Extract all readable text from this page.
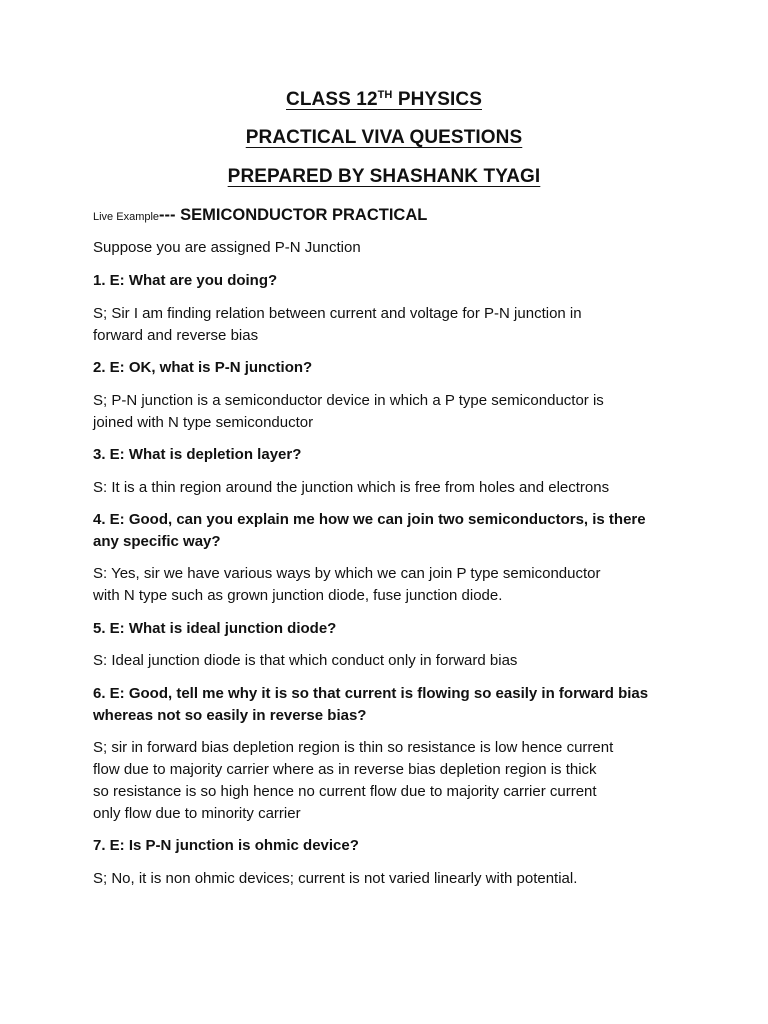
CLASS 12TH PHYSICS
PRACTICAL VIVA QUESTIONS
PREPARED BY SHASHANK TYAGI
Live Example--- SEMICONDUCTOR PRACTICAL
Suppose you are assigned P-N Junction
1. E: What are you doing?
S; Sir I am finding relation between current and voltage for P-N junction in
forward and reverse bias
2. E: OK, what is P-N junction?
S; P-N junction is a semiconductor device in which a P type semiconductor is
joined with N type semiconductor
3. E: What is depletion layer?
S: It is a thin region around the junction which is free from holes and electrons
4. E: Good, can you explain me how we can join two semiconductors, is there
any specific way?
S: Yes, sir we have various ways by which we can join P type semiconductor
with N type such as grown junction diode, fuse junction diode.
5. E: What is ideal junction diode?
S: Ideal junction diode is that which conduct only in forward bias
6. E: Good, tell me why it is so that current is flowing so easily in forward bias
whereas not so easily in reverse bias?
S; sir in forward bias depletion region is thin so resistance is low hence current
flow due to majority carrier where as in reverse bias depletion region is thick
so resistance is so high hence no current flow due to majority carrier current
only flow due to minority carrier
7. E: Is P-N junction is ohmic device?
S; No, it is non ohmic devices; current is not varied linearly with potential.
